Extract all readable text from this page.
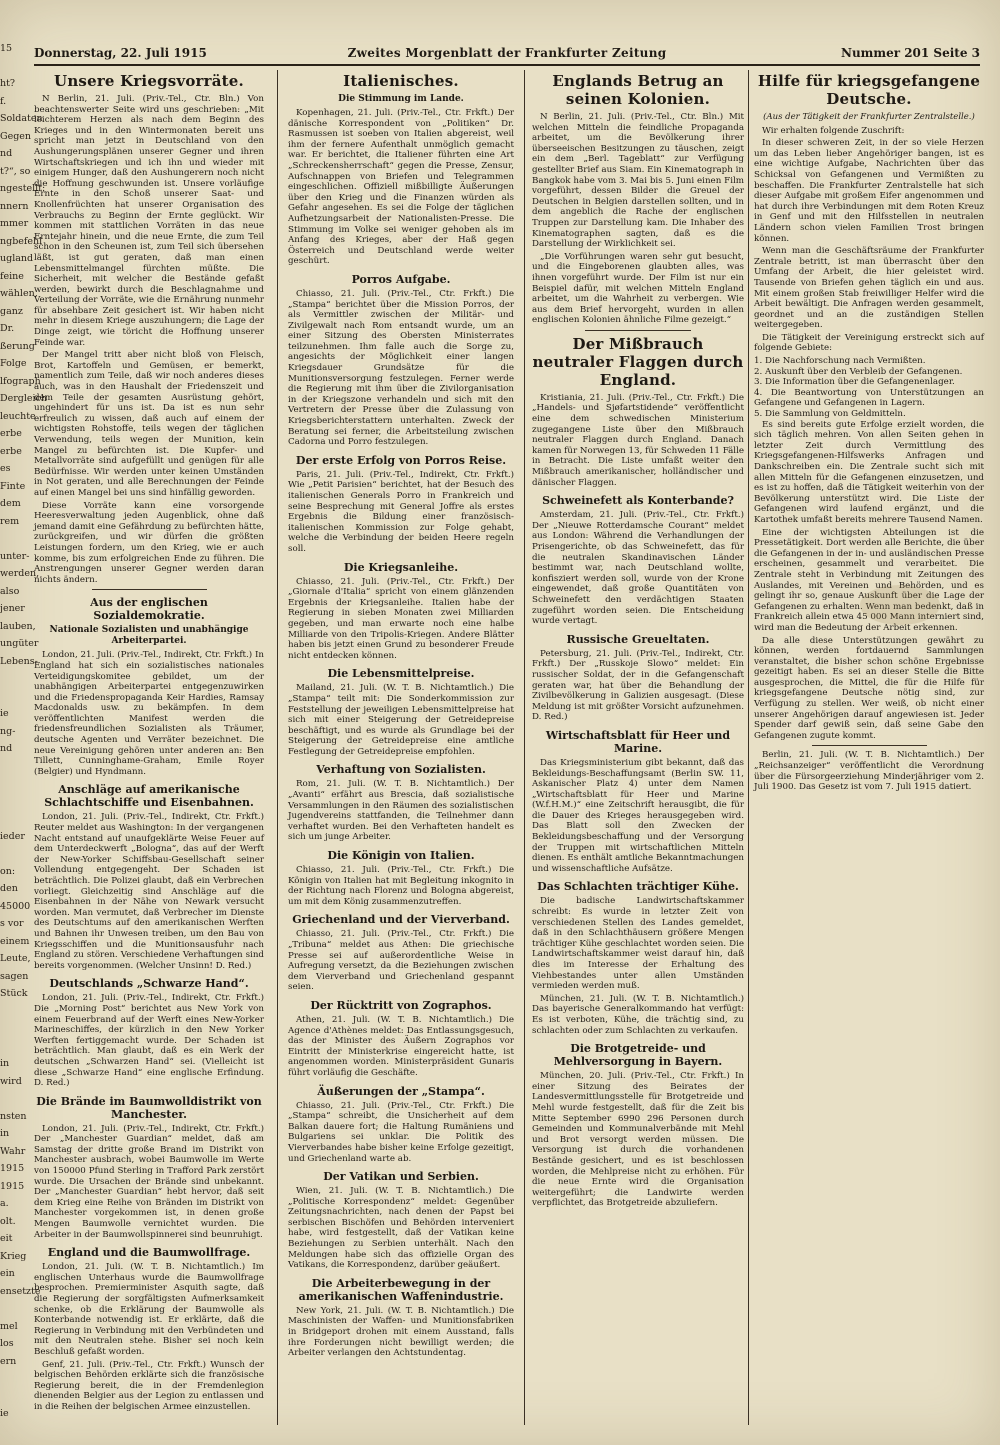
15

ht?
f.
Soldaten
Gegen
nd
t?“, so
ngestellt:
nnern
mmer
ngbefehl
ugland
feine
wählen,
ganz
Dr.
ßerung
Folge
lfograph
Dergleich
leuchte
erbe
erbe
es
Finte
dem
rem

unter-
werden,
also
jener
lauben,
ungüter
Lebens-

ie
ng-
nd

ieder

on:
den
45000
s vor
einem
Leute,
sagen
Stück

in
wird

nsten
in
Wahr
1915
1915
a.
olt.
eit
Krieg
ein
ensetzte

mel
los
ern

ie
Donnerstag, 22. Juli 1915	Zweites Morgenblatt der Frankfurter Zeitung	Nummer 201 Seite 3
Unsere Kriegsvorräte.

N Berlin, 21. Juli. (Priv.-Tel., Ctr. Bln.) Von beachtenswerter Seite wird uns geschrieben: „Mit leichterem Herzen als nach dem Beginn des Krieges und in den Wintermonaten bereit uns spricht man jetzt in Deutschland von den Aushungerungsplänen unserer Gegner und ihren Wirtschaftskriegen und ich ihn und wieder mit einigem Hunger, daß den Aushungerern noch nicht die Hoffnung geschwunden ist. Unsere vorläufige Ernte in den Schoß unserer Saat- und Knollenfrüchten hat unserer Organisation des Verbrauchs zu Beginn der Ernte geglückt. Wir kommen mit stattlichen Vorräten in das neue Erntejahr hinein, und die neue Ernte, die zum Teil schon in den Scheunen ist, zum Teil sich übersehen läßt, ist gut geraten, daß man einen Lebensmittelmangel fürchten müßte. Die Sicherheit, mit welcher die Bestände gefaßt werden, bewirkt durch die Beschlagnahme und Verteilung der Vorräte, wie die Ernährung nunmehr für absehbare Zeit gesichert ist. Wir haben nicht mehr in diesem Kriege auszuhungern; die Lage der Dinge zeigt, wie töricht die Hoffnung unserer Feinde war.

Der Mangel tritt aber nicht bloß von Fleisch, Brot, Kartoffeln und Gemüsen, er bemerkt, namentlich zum Teile, daß wir noch anderes dieses auch, was in den Haushalt der Friedenszeit und dem Teile der gesamten Ausrüstung gehört, ungehindert für uns ist. Da ist es nun sehr erfreulich zu wissen, daß auch auf einem der wichtigsten Rohstoffe, teils wegen der täglichen Verwendung, teils wegen der Munition, kein Mangel zu befürchten ist. Die Kupfer- und Metallvorräte sind aufgefüllt und genügen für alle Bedürfnisse. Wir werden unter keinen Umständen in Not geraten, und alle Berechnungen der Feinde auf einen Mangel bei uns sind hinfällig geworden.

Diese Vorräte kann eine vorsorgende Heeresverwaltung jeden Augenblick, ohne daß jemand damit eine Gefährdung zu befürchten hätte, zurückgreifen, und wir dürfen die größten Leistungen fordern, um den Krieg, wie er auch komme, bis zum erfolgreichen Ende zu führen. Die Anstrengungen unserer Gegner werden daran nichts ändern.

Aus der englischen Sozialdemokratie.
Nationale Sozialisten und unabhängige Arbeiterpartei.

London, 21. Juli. (Priv.-Tel., Indirekt, Ctr. Frkft.) In England hat sich ein sozialistisches nationales Verteidigungskomitee gebildet, um der unabhängigen Arbeiterpartei entgegenzuwirken und die Friedenspropaganda Keir Hardies, Ramsay Macdonalds usw. zu bekämpfen. In dem veröffentlichten Manifest werden die friedensfreundlichen Sozialisten als Träumer, deutsche Agenten und Verräter bezeichnet. Die neue Vereinigung gehören unter anderen an: Ben Tillett, Cunninghame-Graham, Emile Royer (Belgier) und Hyndmann.

Anschläge auf amerikanische Schlachtschiffe und Eisenbahnen.

London, 21. Juli. (Priv.-Tel., Indirekt, Ctr. Frkft.) Reuter meldet aus Washington: In der vergangenen Nacht entstand auf unaufgeklärte Weise Feuer auf dem Unterdeckwerft „Bologna“, das auf der Werft der New-Yorker Schiffsbau-Gesellschaft seiner Vollendung entgegengeht. Der Schaden ist beträchtlich. Die Polizei glaubt, daß ein Verbrechen vorliegt. Gleichzeitig sind Anschläge auf die Eisenbahnen in der Nähe von Newark versucht worden. Man vermutet, daß Verbrecher im Dienste des Deutschtums auf den amerikanischen Werften und Bahnen ihr Unwesen treiben, um den Bau von Kriegsschiffen und die Munitionsausfuhr nach England zu stören. Verschiedene Verhaftungen sind bereits vorgenommen. (Welcher Unsinn! D. Red.)

Deutschlands „Schwarze Hand“.

London, 21. Juli. (Priv.-Tel., Indirekt, Ctr. Frkft.) Die „Morning Post“ berichtet aus New York von einem Feuerbrand auf der Werft eines New-Yorker Marineschiffes, der kürzlich in den New Yorker Werften fertiggemacht wurde. Der Schaden ist beträchtlich. Man glaubt, daß es ein Werk der deutschen „Schwarzen Hand“ sei. (Vielleicht ist diese „Schwarze Hand“ eine englische Erfindung. D. Red.)

Die Brände im Baumwolldistrikt von Manchester.

London, 21. Juli. (Priv.-Tel., Indirekt, Ctr. Frkft.) Der „Manchester Guardian“ meldet, daß am Samstag der dritte große Brand im Distrikt von Manchester ausbrach, wobei Baumwolle im Werte von 150000 Pfund Sterling in Trafford Park zerstört wurde. Die Ursachen der Brände sind unbekannt. Der „Manchester Guardian“ hebt hervor, daß seit dem Krieg eine Reihe von Bränden im Distrikt von Manchester vorgekommen ist, in denen große Mengen Baumwolle vernichtet wurden. Die Arbeiter in der Baumwollspinnerei sind beunruhigt.

England und die Baumwollfrage.

London, 21. Juli. (W. T. B. Nichtamtlich.) Im englischen Unterhaus wurde die Baumwollfrage besprochen. Premierminister Asquith sagte, daß die Regierung der sorgfältigsten Aufmerksamkeit schenke, ob die Erklärung der Baumwolle als Konterbande notwendig ist. Er erklärte, daß die Regierung in Verbindung mit den Verbündeten und mit den Neutralen stehe. Bisher sei noch kein Beschluß gefaßt worden.

Genf, 21. Juli. (Priv.-Tel., Ctr. Frkft.) Wunsch der belgischen Behörden erklärte sich die französische Regierung bereit, die in der Fremdenlegion dienenden Belgier aus der Legion zu entlassen und in die Reihen der belgischen Armee einzustellen.

Italienisches.
Die Stimmung im Lande.

Kopenhagen, 21. Juli. (Priv.-Tel., Ctr. Frkft.) Der dänische Korrespondent von „Politiken“ Dr. Rasmussen ist soeben von Italien abgereist, weil ihm der fernere Aufenthalt unmöglich gemacht war. Er berichtet, die Italiener führten eine Art „Schreckensherrschaft“ gegen die Presse, Zensur, Aufschnappen von Briefen und Telegrammen eingeschlichen. Offiziell mißbilligte Äußerungen über den Krieg und die Finanzen würden als Gefahr angesehen. Es sei die Folge der täglichen Aufhetzungsarbeit der Nationalisten-Presse. Die Stimmung im Volke sei weniger gehoben als im Anfang des Krieges, aber der Haß gegen Österreich und Deutschland werde weiter geschürt.

Porros Aufgabe.

Chiasso, 21. Juli. (Priv.-Tel., Ctr. Frkft.) Die „Stampa“ berichtet über die Mission Porros, der als Vermittler zwischen der Militär- und Zivilgewalt nach Rom entsandt wurde, um an einer Sitzung des Obersten Ministerrates teilzunehmen. Ihm falle auch die Sorge zu, angesichts der Möglichkeit einer langen Kriegsdauer Grundsätze für die Munitionsversorgung festzulegen. Ferner werde die Regierung mit ihm über die Zivilorganisation in der Kriegszone verhandeln und sich mit den Vertretern der Presse über die Zulassung von Kriegsberichterstattern unterhalten. Zweck der Beratung sei ferner, die Arbeitsteilung zwischen Cadorna und Porro festzulegen.

Der erste Erfolg von Porros Reise.

Paris, 21. Juli. (Priv.-Tel., Indirekt, Ctr. Frkft.) Wie „Petit Parisien“ berichtet, hat der Besuch des italienischen Generals Porro in Frankreich und seine Besprechung mit General Joffre als erstes Ergebnis die Bildung einer französisch-italienischen Kommission zur Folge gehabt, welche die Verbindung der beiden Heere regeln soll.

Die Kriegsanleihe.

Chiasso, 21. Juli. (Priv.-Tel., Ctr. Frkft.) Der „Giornale d'Italia“ spricht von einem glänzenden Ergebnis der Kriegsanleihe. Italien habe der Regierung in sieben Monaten zwei Milliarden gegeben, und man erwarte noch eine halbe Milliarde von den Tripolis-Kriegen. Andere Blätter haben bis jetzt einen Grund zu besonderer Freude nicht entdecken können.

Die Lebensmittelpreise.

Mailand, 21. Juli. (W. T. B. Nichtamtlich.) Die „Stampa“ teilt mit: Die Sonderkommission zur Feststellung der jeweiligen Lebensmittelpreise hat sich mit einer Steigerung der Getreidepreise beschäftigt, und es wurde als Grundlage bei der Steigerung der Getreidepreise eine amtliche Festlegung der Getreidepreise empfohlen.

Verhaftung von Sozialisten.

Rom, 21. Juli. (W. T. B. Nichtamtlich.) Der „Avanti“ erfährt aus Brescia, daß sozialistische Versammlungen in den Räumen des sozialistischen Jugendvereins stattfanden, die Teilnehmer dann verhaftet wurden. Bei den Verhafteten handelt es sich um junge Arbeiter.

Die Königin von Italien.

Chiasso, 21. Juli. (Priv.-Tel., Ctr. Frkft.) Die Königin von Italien hat mit Begleitung inkognito in der Richtung nach Florenz und Bologna abgereist, um mit dem König zusammenzutreffen.

Griechenland und der Vierverband.

Chiasso, 21. Juli. (Priv.-Tel., Ctr. Frkft.) Die „Tribuna“ meldet aus Athen: Die griechische Presse sei auf außerordentliche Weise in Aufregung versetzt, da die Beziehungen zwischen dem Vierverband und Griechenland gespannt seien.

Der Rücktritt von Zographos.

Athen, 21. Juli. (W. T. B. Nichtamtlich.) Die Agence d'Athènes meldet: Das Entlassungsgesuch, das der Minister des Äußern Zographos vor Eintritt der Ministerkrise eingereicht hatte, ist angenommen worden. Ministerpräsident Gunaris führt vorläufig die Geschäfte.

Äußerungen der „Stampa“.

Chiasso, 21. Juli. (Priv.-Tel., Ctr. Frkft.) Die „Stampa“ schreibt, die Unsicherheit auf dem Balkan dauere fort; die Haltung Rumäniens und Bulgariens sei unklar. Die Politik des Vierverbandes habe bisher keine Erfolge gezeitigt, und Griechenland warte ab.

Der Vatikan und Serbien.

Wien, 21. Juli. (W. T. B. Nichtamtlich.) Die „Politische Korrespondenz“ meldet: Gegenüber Zeitungsnachrichten, nach denen der Papst bei serbischen Bischöfen und Behörden interveniert habe, wird festgestellt, daß der Vatikan keine Beziehungen zu Serbien unterhält. Nach den Meldungen habe sich das offizielle Organ des Vatikans, die Korrespondenz, darüber geäußert.

Die Arbeiterbewegung in der amerikanischen Waffenindustrie.

New York, 21. Juli. (W. T. B. Nichtamtlich.) Die Maschinisten der Waffen- und Munitionsfabriken in Bridgeport drohen mit einem Ausstand, falls ihre Forderungen nicht bewilligt werden; die Arbeiter verlangen den Achtstundentag.

Englands Betrug an seinen Kolonien.

N Berlin, 21. Juli. (Priv.-Tel., Ctr. Bln.) Mit welchen Mitteln die feindliche Propaganda arbeitet, um die Bevölkerung ihrer überseeischen Besitzungen zu täuschen, zeigt ein dem „Berl. Tageblatt“ zur Verfügung gestellter Brief aus Siam. Ein Kinematograph in Bangkok habe vom 3. Mai bis 5. Juni einen Film vorgeführt, dessen Bilder die Greuel der Deutschen in Belgien darstellen sollten, und in dem angeblich die Rache der englischen Truppen zur Darstellung kam. Die Inhaber des Kinematographen sagten, daß es die Darstellung der Wirklichkeit sei.

„Die Vorführungen waren sehr gut besucht, und die Eingeborenen glaubten alles, was ihnen vorgeführt wurde. Der Film ist nur ein Beispiel dafür, mit welchen Mitteln England arbeitet, um die Wahrheit zu verbergen. Wie aus dem Brief hervorgeht, wurden in allen englischen Kolonien ähnliche Filme gezeigt.“

Der Mißbrauch neutraler Flaggen durch England.

Kristiania, 21. Juli. (Priv.-Tel., Ctr. Frkft.) Die „Handels- und Sjøfartstidende“ veröffentlicht eine dem schwedischen Ministerium zugegangene Liste über den Mißbrauch neutraler Flaggen durch England. Danach kamen für Norwegen 13, für Schweden 11 Fälle in Betracht. Die Liste umfaßt weiter den Mißbrauch amerikanischer, holländischer und dänischer Flaggen.

Schweinefett als Konterbande?

Amsterdam, 21. Juli. (Priv.-Tel., Ctr. Frkft.) Der „Nieuwe Rotterdamsche Courant“ meldet aus London: Während die Verhandlungen der Prisengerichte, ob das Schweinefett, das für die neutralen Skandinavischen Länder bestimmt war, nach Deutschland wollte, konfisziert werden soll, wurde von der Krone eingewendet, daß große Quantitäten von Schweinefett den verdächtigen Staaten zugeführt worden seien. Die Entscheidung wurde vertagt.

Russische Greueltaten.

Petersburg, 21. Juli. (Priv.-Tel., Indirekt, Ctr. Frkft.) Der „Russkoje Slowo“ meldet: Ein russischer Soldat, der in die Gefangenschaft geraten war, hat über die Behandlung der Zivilbevölkerung in Galizien ausgesagt. (Diese Meldung ist mit größter Vorsicht aufzunehmen. D. Red.)

Wirtschaftsblatt für Heer und Marine.

Das Kriegsministerium gibt bekannt, daß das Bekleidungs-Beschaffungsamt (Berlin SW. 11, Askanischer Platz 4) unter dem Namen „Wirtschaftsblatt für Heer und Marine (W.f.H.M.)“ eine Zeitschrift herausgibt, die für die Dauer des Krieges herausgegeben wird. Das Blatt soll den Zwecken der Bekleidungsbeschaffung und der Versorgung der Truppen mit wirtschaftlichen Mitteln dienen. Es enthält amtliche Bekanntmachungen und wissenschaftliche Aufsätze.

Das Schlachten trächtiger Kühe.

Die badische Landwirtschaftskammer schreibt: Es wurde in letzter Zeit von verschiedenen Stellen des Landes gemeldet, daß in den Schlachthäusern größere Mengen trächtiger Kühe geschlachtet worden seien. Die Landwirtschaftskammer weist darauf hin, daß dies im Interesse der Erhaltung des Viehbestandes unter allen Umständen vermieden werden muß.

München, 21. Juli. (W. T. B. Nichtamtlich.) Das bayerische Generalkommando hat verfügt: Es ist verboten, Kühe, die trächtig sind, zu schlachten oder zum Schlachten zu verkaufen.

Die Brotgetreide- und Mehlversorgung in Bayern.

München, 20. Juli. (Priv.-Tel., Ctr. Frkft.) In einer Sitzung des Beirates der Landesvermittlungsstelle für Brotgetreide und Mehl wurde festgestellt, daß für die Zeit bis Mitte September 6990 296 Personen durch Gemeinden und Kommunalverbände mit Mehl und Brot versorgt werden müssen. Die Versorgung ist durch die vorhandenen Bestände gesichert, und es ist beschlossen worden, die Mehlpreise nicht zu erhöhen. Für die neue Ernte wird die Organisation weitergeführt; die Landwirte werden verpflichtet, das Brotgetreide abzuliefern.

Hilfe für kriegsgefangene Deutsche.
(Aus der Tätigkeit der Frankfurter Zentralstelle.)

Wir erhalten folgende Zuschrift:

In dieser schweren Zeit, in der so viele Herzen um das Leben lieber Angehöriger bangen, ist es eine wichtige Aufgabe, Nachrichten über das Schicksal von Gefangenen und Vermißten zu beschaffen. Die Frankfurter Zentralstelle hat sich dieser Aufgabe mit großem Eifer angenommen und hat durch ihre Verbindungen mit dem Roten Kreuz in Genf und mit den Hilfsstellen in neutralen Ländern schon vielen Familien Trost bringen können.

Wenn man die Geschäftsräume der Frankfurter Zentrale betritt, ist man überrascht über den Umfang der Arbeit, die hier geleistet wird. Tausende von Briefen gehen täglich ein und aus. Mit einem großen Stab freiwilliger Helfer wird die Arbeit bewältigt. Die Anfragen werden gesammelt, geordnet und an die zuständigen Stellen weitergegeben.

Die Tätigkeit der Vereinigung erstreckt sich auf folgende Gebiete:

1. Die Nachforschung nach Vermißten.
2. Auskunft über den Verbleib der Gefangenen.
3. Die Information über die Gefangenenlager.
4. Die Beantwortung von Unterstützungen an Gefangene und Gefangenen in Lagern.
5. Die Sammlung von Geldmitteln.

Es sind bereits gute Erfolge erzielt worden, die sich täglich mehren. Von allen Seiten gehen in letzter Zeit durch Vermittlung des Kriegsgefangenen-Hilfswerks Anfragen und Dankschreiben ein. Die Zentrale sucht sich mit allen Mitteln für die Gefangenen einzusetzen, und es ist zu hoffen, daß die Tätigkeit weiterhin von der Bevölkerung unterstützt wird. Die Liste der Gefangenen wird laufend ergänzt, und die Kartothek umfaßt bereits mehrere Tausend Namen.

Eine der wichtigsten Abteilungen ist die Pressetätigkeit. Dort werden alle Berichte, die über die Gefangenen in der in- und ausländischen Presse erscheinen, gesammelt und verarbeitet. Die Zentrale steht in Verbindung mit Zeitungen des Auslandes, mit Vereinen und Behörden, und es gelingt ihr so, genaue Auskunft über die Lage der Gefangenen zu erhalten. Wenn man bedenkt, daß in Frankreich allein etwa 45 000 Mann interniert sind, wird man die Bedeutung der Arbeit erkennen.

Da alle diese Unterstützungen gewährt zu können, werden fortdauernd Sammlungen veranstaltet, die bisher schon schöne Ergebnisse gezeitigt haben. Es sei an dieser Stelle die Bitte ausgesprochen, die Mittel, die für die Hilfe für kriegsgefangene Deutsche nötig sind, zur Verfügung zu stellen. Wer weiß, ob nicht einer unserer Angehörigen darauf angewiesen ist. Jeder Spender darf gewiß sein, daß seine Gabe den Gefangenen zugute kommt.

Berlin, 21. Juli. (W. T. B. Nichtamtlich.) Der „Reichsanzeiger“ veröffentlicht die Verordnung über die Fürsorgeerziehung Minderjähriger vom 2. Juli 1900. Das Gesetz ist vom 7. Juli 1915 datiert.
